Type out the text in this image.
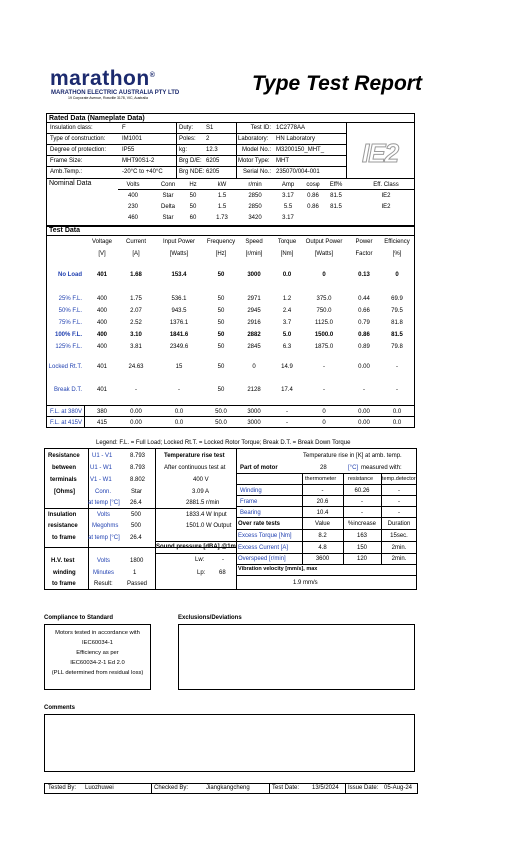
marathon®
MARATHON ELECTRIC AUSTRALIA PTY LTD
19 Corporate Avenue, Rowville 3178, VIC, Australia
Type Test Report
Rated Data (Nameplate Data)
Insulation class:	F
Type of construction:	IM1001
Degree of protection:	IP55
Frame Size:	MHT90S1-2
Amb.Temp.:	-20°C to +40°C
Duty: S1
Poles: 2
kg:	12.3
Brg D/E: 6205
Brg NDE: 6205
Test ID: 1C2778AA
Laboratory: HN Laboratory
Model No.: M3200150_MHT_
Motor Type: MHT
Serial No.: 235070/004-001
IE2
Nominal Data	Volts	Conn	Hz	kW	r/min	Amp	cosφ	Eff%	Eff. Class
400	Star	50	1.5	2850	3.17	0.86	81.5	IE2
230	Delta	50	1.5	2850	5.5	0.86	81.5	IE2
460	Star	60	1.73	3420	3.17
Test Data
Voltage	Current	Input Power	Frequency	Speed	Torque	Output Power	Power	Efficiency
[V]	[A]	[Watts]	[Hz]	[r/min]	[Nm]	[Watts]	Factor	[%]
No Load	401	1.68	153.4	50	3000	0.0	0	0.13	0
25% F.L.	400	1.75	536.1	50	2971	1.2	375.0	0.44	69.9
50% F.L.	400	2.07	943.5	50	2945	2.4	750.0	0.66	79.5
75% F.L.	400	2.52	1376.1	50	2916	3.7	1125.0	0.79	81.8
100% F.L.	400	3.10	1841.6	50	2882	5.0	1500.0	0.86	81.5
125% F.L.	400	3.81	2349.6	50	2845	6.3	1875.0	0.89	79.8
Locked Rt.T.	401	24.63	15	50	0	14.9	-	0.00	-
Break D.T.	401	-	-	50	2128	17.4	-	-	-
F.L. at 380V	380	0.00	0.0	50.0	3000	-	0	0.00	0.0
F.L. at 415V	415	0.00	0.0	50.0	3000	-	0	0.00	0.0
Legend: F.L. = Full Load; Locked Rt.T. = Locked Rotor Torque; Break D.T. = Break Down Torque
Resistance
between
terminals
[Ohms]
U1 - V1	8.793
U1 - W1	8.793
V1 - W1	8.802
Conn.	Star
at temp [°C] 26.4
Insulation
resistance
to frame
Volts	500
Megohms 500
at temp [°C] 26.4
H.V. test
winding
to frame
Volts	1800
Minutes	1
Result: Passed
Temperature rise test
After continuous test at
400 V
3.09 A
2881.5 r/min
1833.4 W Input
1501.0 W Output
Sound pressure [dBA] @1m
Lw:	-
Lp: 68
Temperature rise in [K] at amb. temp.
28	[°C] measured with:
Part of motor
thermometer resistance temp.detector
Winding	-	60.26	-
Frame	20.6	-	-
Bearing	10.4	-	-
Over rate tests	Value	%increase	Duration
Excess Torque [Nm]	8.2	163	15sec.
Excess Current [A]	4.8	150	2min.
Overspeed [r/min]	3600	120	2min.
Vibration velocity [mm/s], max
1.9 mm/s
Compliance to Standard
Motors tested in accordance with
IEC60034-1
Efficiency as per
IEC60034-2-1 Ed 2.0
(PLL determined from residual loss)
Exclusions/Deviations
Comments
Tested By: Luozhuwei	Checked By:	Jiangkangcheng	Test Date: 13/5/2024 Issue Date: 05-Aug-24
